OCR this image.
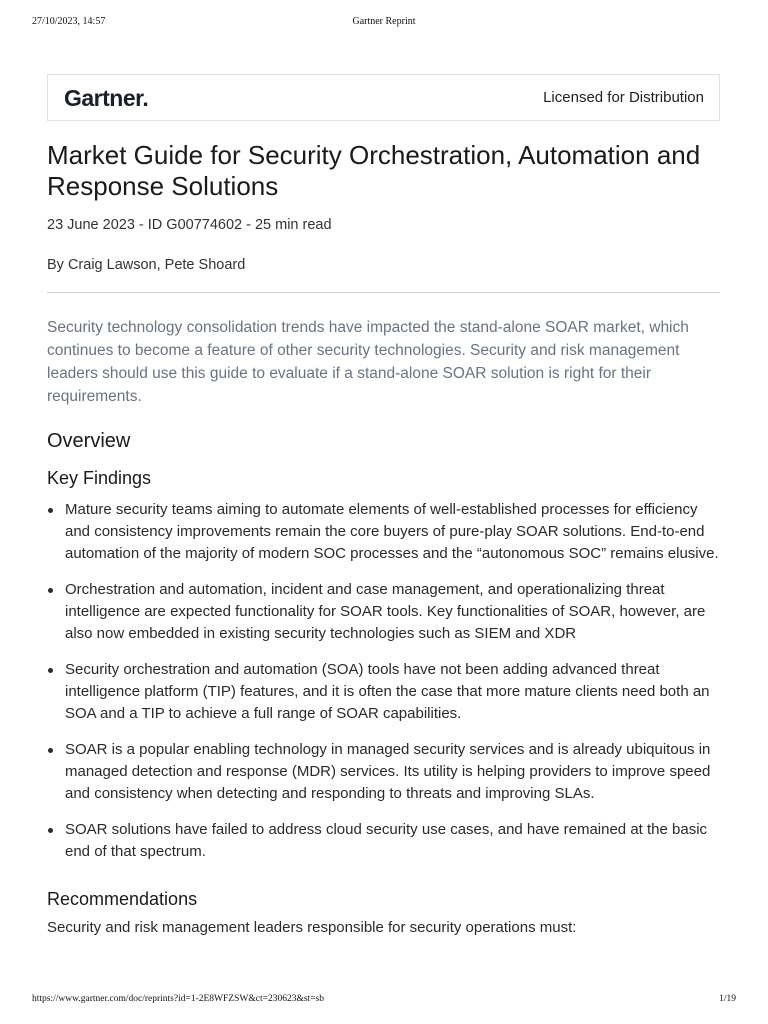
27/10/2023, 14:57	Gartner Reprint
Gartner.	Licensed for Distribution
Market Guide for Security Orchestration, Automation and Response Solutions
23 June 2023 - ID G00774602 - 25 min read
By Craig Lawson, Pete Shoard
Security technology consolidation trends have impacted the stand-alone SOAR market, which continues to become a feature of other security technologies. Security and risk management leaders should use this guide to evaluate if a stand-alone SOAR solution is right for their requirements.
Overview
Key Findings
Mature security teams aiming to automate elements of well-established processes for efficiency and consistency improvements remain the core buyers of pure-play SOAR solutions. End-to-end automation of the majority of modern SOC processes and the “autonomous SOC” remains elusive.
Orchestration and automation, incident and case management, and operationalizing threat intelligence are expected functionality for SOAR tools. Key functionalities of SOAR, however, are also now embedded in existing security technologies such as SIEM and XDR
Security orchestration and automation (SOA) tools have not been adding advanced threat intelligence platform (TIP) features, and it is often the case that more mature clients need both an SOA and a TIP to achieve a full range of SOAR capabilities.
SOAR is a popular enabling technology in managed security services and is already ubiquitous in managed detection and response (MDR) services. Its utility is helping providers to improve speed and consistency when detecting and responding to threats and improving SLAs.
SOAR solutions have failed to address cloud security use cases, and have remained at the basic end of that spectrum.
Recommendations
Security and risk management leaders responsible for security operations must:
https://www.gartner.com/doc/reprints?id=1-2E8WFZSW&ct=230623&st=sb	1/19
